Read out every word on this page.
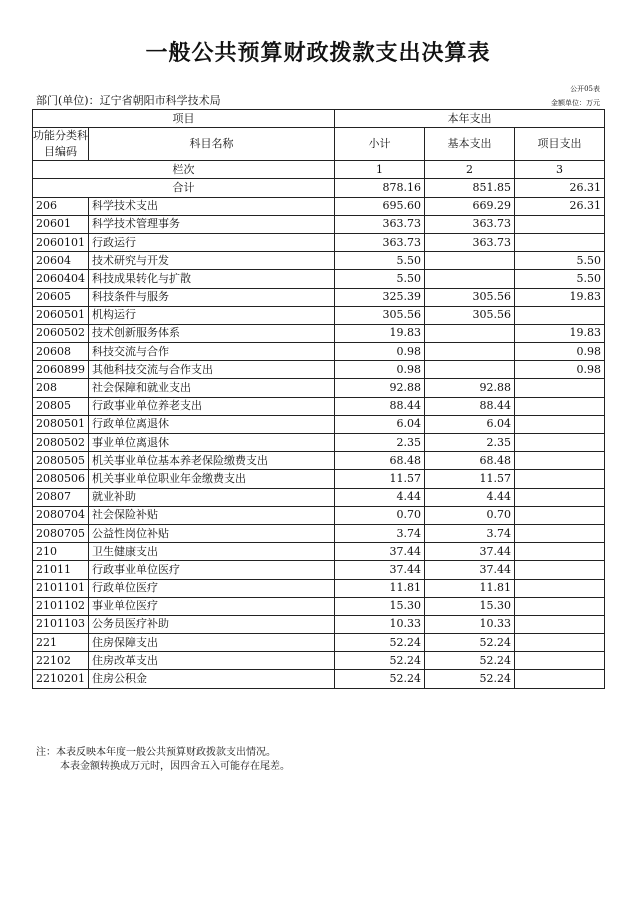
一般公共预算财政拨款支出决算表
公开05表
部门(单位)：辽宁省朝阳市科学技术局	金额单位：万元
项目		本年支出		
功能分类科目编码	科目名称	小计	基本支出	项目支出
栏次		1	2	3
合计		878.16	851.85	26.31
206	科学技术支出	695.60	669.29	26.31
20601	科学技术管理事务	363.73	363.73	
2060101	行政运行	363.73	363.73	
20604	技术研究与开发	5.50		5.50
2060404	科技成果转化与扩散	5.50		5.50
20605	科技条件与服务	325.39	305.56	19.83
2060501	机构运行	305.56	305.56	
2060502	技术创新服务体系	19.83		19.83
20608	科技交流与合作	0.98		0.98
2060899	其他科技交流与合作支出	0.98		0.98
208	社会保障和就业支出	92.88	92.88	
20805	行政事业单位养老支出	88.44	88.44	
2080501	行政单位离退休	6.04	6.04	
2080502	事业单位离退休	2.35	2.35	
2080505	机关事业单位基本养老保险缴费支出	68.48	68.48	
2080506	机关事业单位职业年金缴费支出	11.57	11.57	
20807	就业补助	4.44	4.44	
2080704	社会保险补贴	0.70	0.70	
2080705	公益性岗位补贴	3.74	3.74	
210	卫生健康支出	37.44	37.44	
21011	行政事业单位医疗	37.44	37.44	
2101101	行政单位医疗	11.81	11.81	
2101102	事业单位医疗	15.30	15.30	
2101103	公务员医疗补助	10.33	10.33	
221	住房保障支出	52.24	52.24	
22102	住房改革支出	52.24	52.24	
2210201	住房公积金	52.24	52.24	
注：本表反映本年度一般公共预算财政拨款支出情况。
本表金额转换成万元时，因四舍五入可能存在尾差。
